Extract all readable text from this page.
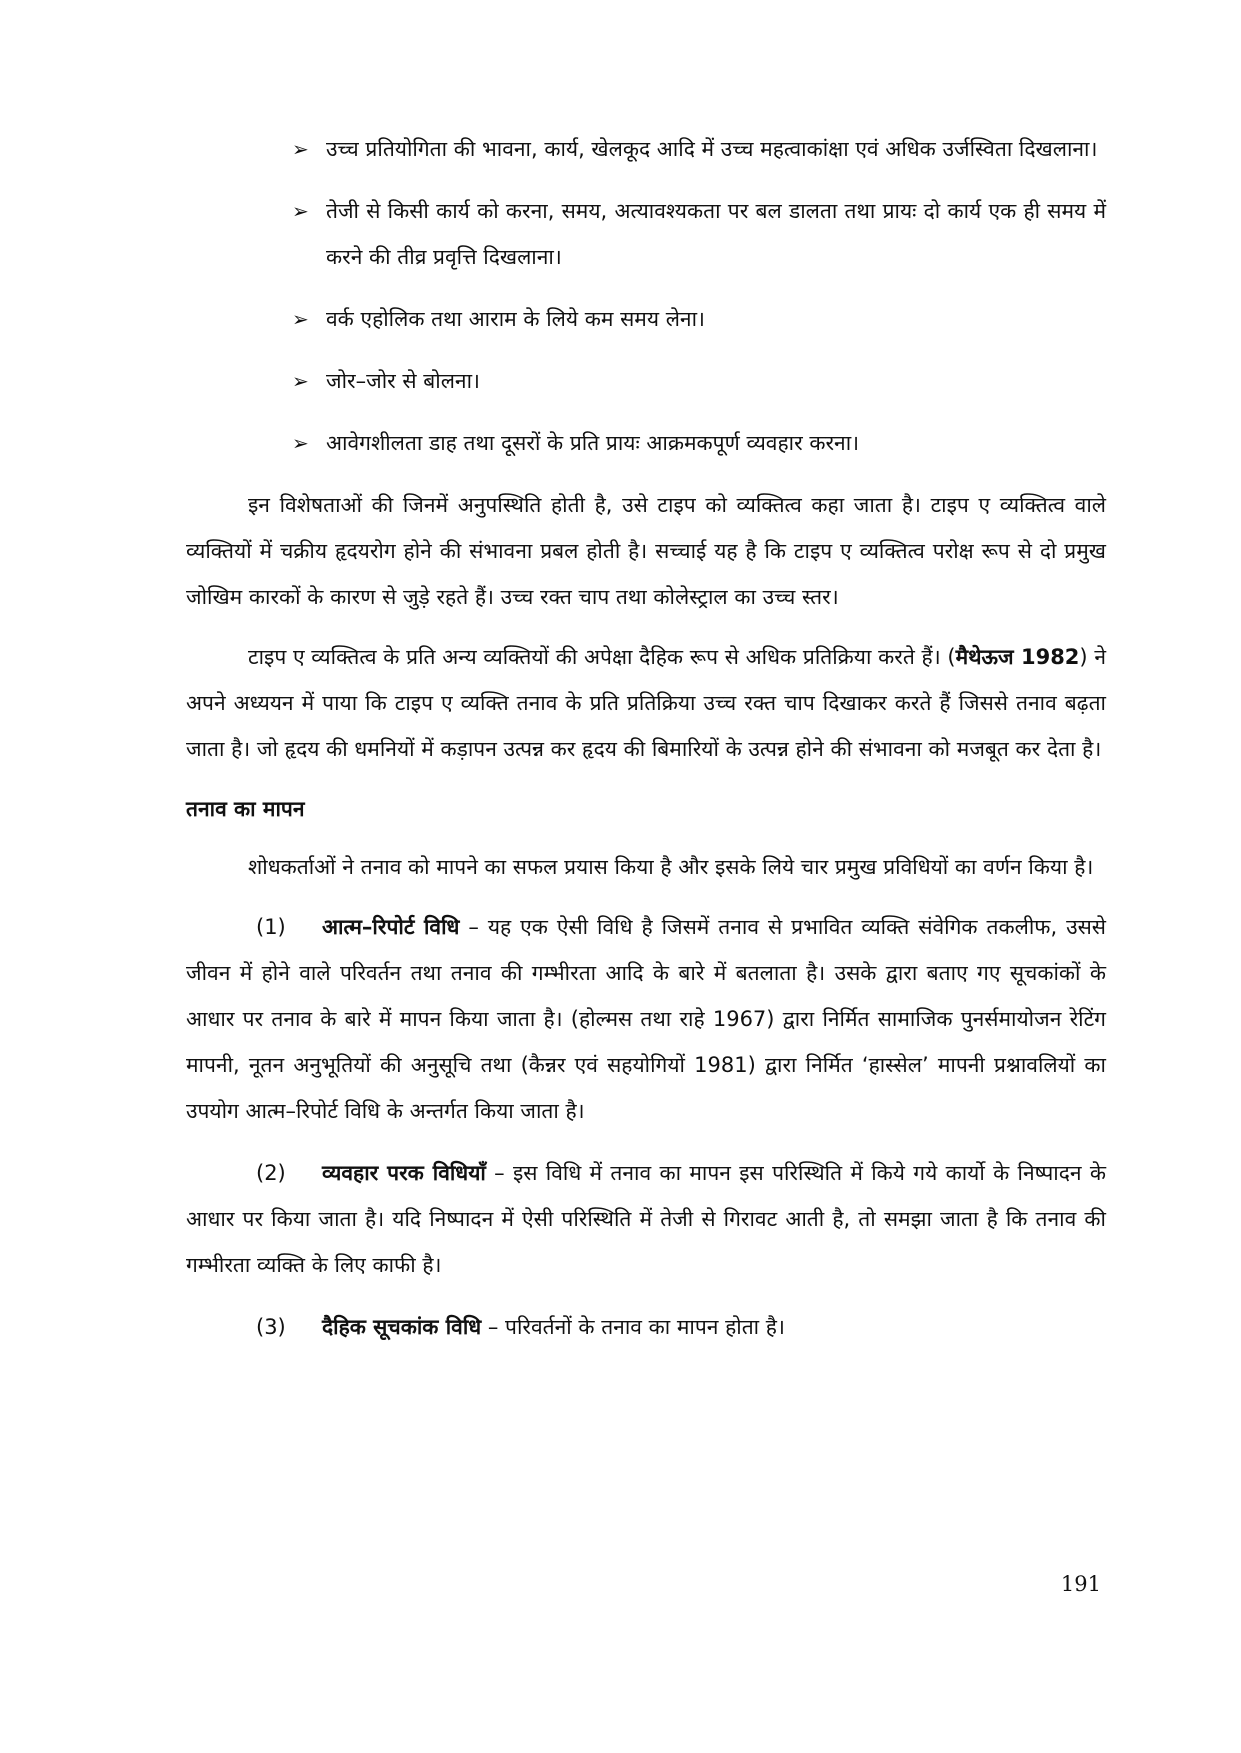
➢ उच्च प्रतियोगिता की भावना, कार्य, खेलकूद आदि में उच्च महत्वाकांक्षा एवं अधिक उर्जस्विता दिखलाना।
➢ तेजी से किसी कार्य को करना, समय, अत्यावश्यकता पर बल डालता तथा प्रायः दो कार्य एक ही समय में करने की तीव्र प्रवृत्ति दिखलाना।
➢ वर्क एहोलिक तथा आराम के लिये कम समय लेना।
➢ जोर–जोर से बोलना।
➢ आवेगशीलता डाह तथा दूसरों के प्रति प्रायः आक्रमकपूर्ण व्यवहार करना।

इन विशेषताओं की जिनमें अनुपस्थिति होती है, उसे टाइप को व्यक्तित्व कहा जाता है। टाइप ए व्यक्तित्व वाले व्यक्तियों में चक्रीय हृदयरोग होने की संभावना प्रबल होती है। सच्चाई यह है कि टाइप ए व्यक्तित्व परोक्ष रूप से दो प्रमुख जोखिम कारकों के कारण से जुड़े रहते हैं। उच्च रक्त चाप तथा कोलेस्ट्राल का उच्च स्तर।

टाइप ए व्यक्तित्व के प्रति अन्य व्यक्तियों की अपेक्षा दैहिक रूप से अधिक प्रतिक्रिया करते हैं। (मैथेऊज 1982) ने अपने अध्ययन में पाया कि टाइप ए व्यक्ति तनाव के प्रति प्रतिक्रिया उच्च रक्त चाप दिखाकर करते हैं जिससे तनाव बढ़ता जाता है। जो हृदय की धमनियों में कड़ापन उत्पन्न कर हृदय की बिमारियों के उत्पन्न होने की संभावना को मजबूत कर देता है।

तनाव का मापन

शोधकर्ताओं ने तनाव को मापने का सफल प्रयास किया है और इसके लिये चार प्रमुख प्रविधियों का वर्णन किया है।

(1) आत्म–रिपोर्ट विधि – यह एक ऐसी विधि है जिसमें तनाव से प्रभावित व्यक्ति संवेगिक तकलीफ, उससे जीवन में होने वाले परिवर्तन तथा तनाव की गम्भीरता आदि के बारे में बतलाता है। उसके द्वारा बताए गए सूचकांकों के आधार पर तनाव के बारे में मापन किया जाता है। (होल्मस तथा राहे 1967) द्वारा निर्मित सामाजिक पुनर्समायोजन रेटिंग मापनी, नूतन अनुभूतियों की अनुसूचि तथा (कैन्नर एवं सहयोगियों 1981) द्वारा निर्मित ‘हास्सेल’ मापनी प्रश्नावलियों का उपयोग आत्म–रिपोर्ट विधि के अन्तर्गत किया जाता है।

(2) व्यवहार परक विधियाँ – इस विधि में तनाव का मापन इस परिस्थिति में किये गये कार्यो के निष्पादन के आधार पर किया जाता है। यदि निष्पादन में ऐसी परिस्थिति में तेजी से गिरावट आती है, तो समझा जाता है कि तनाव की गम्भीरता व्यक्ति के लिए काफी है।

(3) दैहिक सूचकांक विधि – परिवर्तनों के तनाव का मापन होता है।

191
